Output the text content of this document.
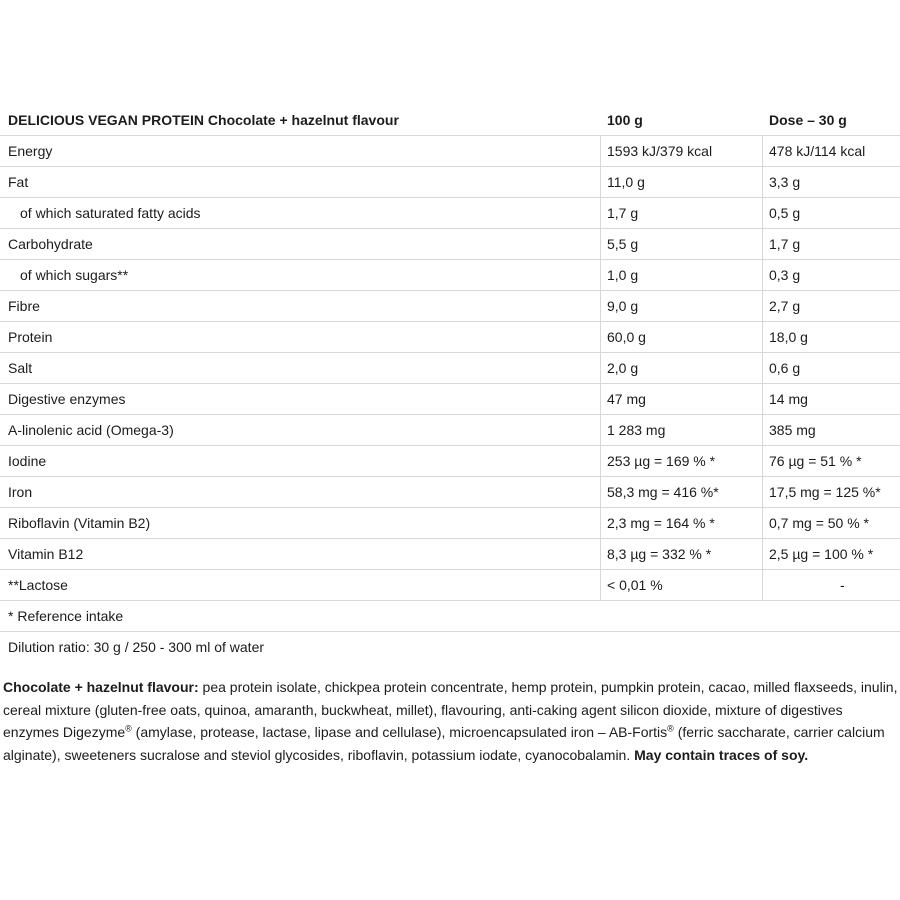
DELICIOUS VEGAN PROTEIN Chocolate + hazelnut flavour	100 g	Dose – 30 g
Energy	1593 kJ/379 kcal	478 kJ/114 kcal
Fat	11,0 g	3,3 g
of which saturated fatty acids	1,7 g	0,5 g
Carbohydrate	5,5 g	1,7 g
of which sugars**	1,0 g	0,3 g
Fibre	9,0 g	2,7 g
Protein	60,0 g	18,0 g
Salt	2,0 g	0,6 g
Digestive enzymes	47 mg	14 mg
A-linolenic acid (Omega-3)	1 283 mg	385 mg
Iodine	253 µg = 169 % *	76 µg = 51 % *
Iron	58,3 mg = 416 %*	17,5 mg = 125 %*
Riboflavin (Vitamin B2)	2,3 mg = 164 % *	0,7 mg = 50 % *
Vitamin B12	8,3 µg = 332 % *	2,5 µg = 100 % *
**Lactose	< 0,01 %	-
* Reference intake
Dilution ratio: 30 g / 250 - 300 ml of water
Chocolate + hazelnut flavour: pea protein isolate, chickpea protein concentrate, hemp protein, pumpkin protein, cacao, milled flaxseeds, inulin, cereal mixture (gluten-free oats, quinoa, amaranth, buckwheat, millet), flavouring, anti-caking agent silicon dioxide, mixture of digestives enzymes Digezyme® (amylase, protease, lactase, lipase and cellulase), microencapsulated iron – AB-Fortis® (ferric saccharate, carrier calcium alginate), sweeteners sucralose and steviol glycosides, riboflavin, potassium iodate, cyanocobalamin. May contain traces of soy.
